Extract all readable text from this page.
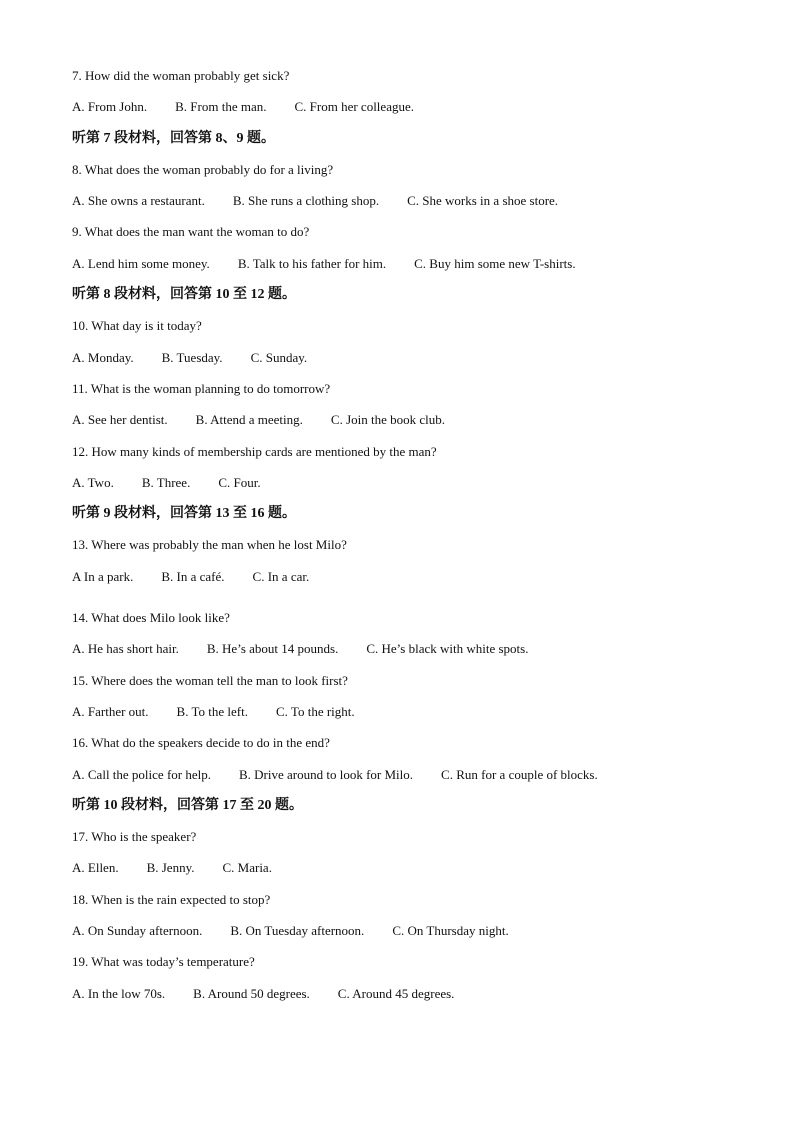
7. How did the woman probably get sick?
A. From John. B. From the man. C. From her colleague.
听第 7 段材料，回答第 8、9 题。
8. What does the woman probably do for a living?
A. She owns a restaurant. B. She runs a clothing shop. C. She works in a shoe store.
9. What does the man want the woman to do?
A. Lend him some money. B. Talk to his father for him. C. Buy him some new T-shirts.
听第 8 段材料，回答第 10 至 12 题。
10. What day is it today?
A. Monday. B. Tuesday. C. Sunday.
11. What is the woman planning to do tomorrow?
A. See her dentist. B. Attend a meeting. C. Join the book club.
12. How many kinds of membership cards are mentioned by the man?
A. Two. B. Three. C. Four.
听第 9 段材料，回答第 13 至 16 题。
13. Where was probably the man when he lost Milo?
A In a park. B. In a café. C. In a car.
14. What does Milo look like?
A. He has short hair. B. He’s about 14 pounds. C. He’s black with white spots.
15. Where does the woman tell the man to look first?
A. Farther out. B. To the left. C. To the right.
16. What do the speakers decide to do in the end?
A. Call the police for help. B. Drive around to look for Milo. C. Run for a couple of blocks.
听第 10 段材料，回答第 17 至 20 题。
17. Who is the speaker?
A. Ellen. B. Jenny. C. Maria.
18. When is the rain expected to stop?
A. On Sunday afternoon. B. On Tuesday afternoon. C. On Thursday night.
19. What was today’s temperature?
A. In the low 70s. B. Around 50 degrees. C. Around 45 degrees.
